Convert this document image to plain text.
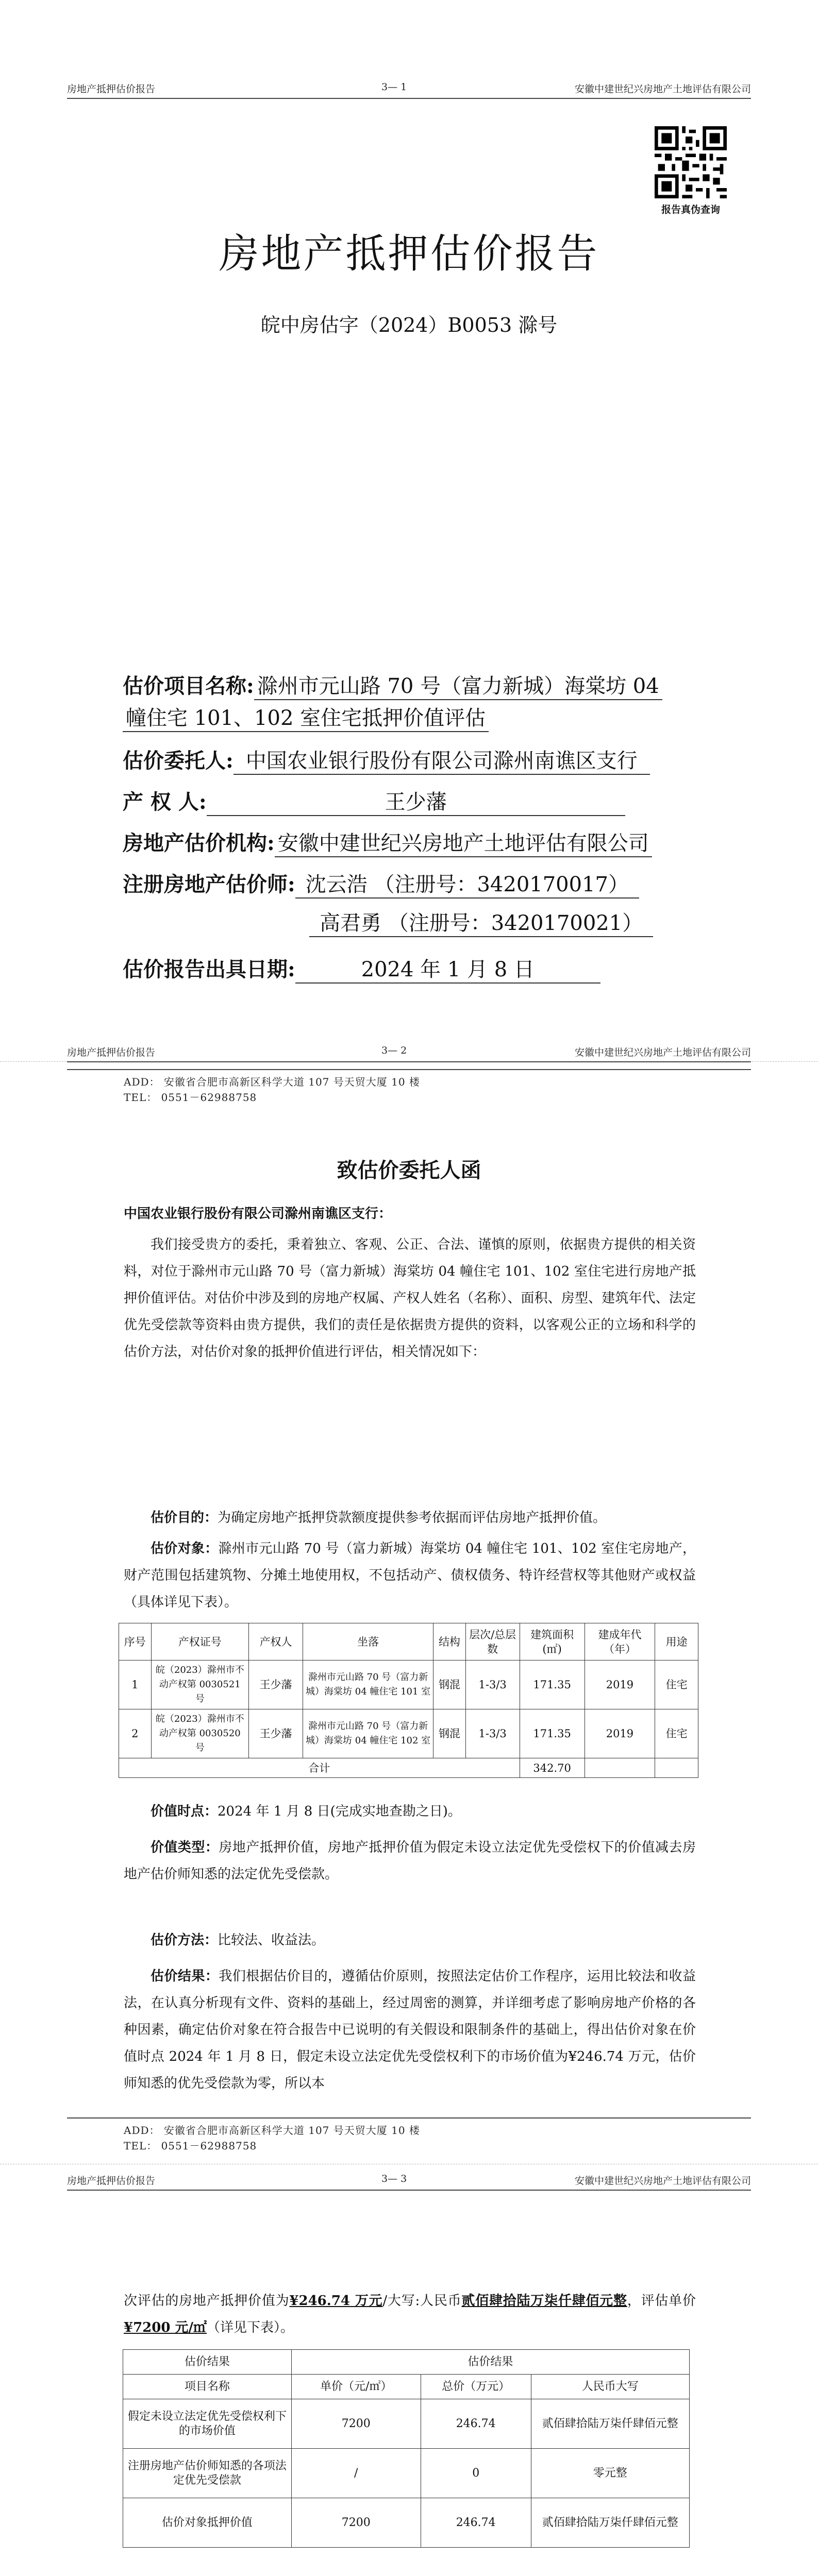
房地产抵押估价报告	3— 1	安徽中建世纪兴房地产土地评估有限公司
报告真伪查询
房地产抵押估价报告
皖中房估字（2024）B0053 滁号
估价项目名称: 滁州市元山路 70 号（富力新城）海棠坊 04
幢住宅 101、102 室住宅抵押价值评估
估价委托人: 中国农业银行股份有限公司滁州南谯区支行
产 权 人:	王少藩
房地产估价机构: 安徽中建世纪兴房地产土地评估有限公司
注册房地产估价师: 沈云浩 （注册号：3420170017）
高君勇 （注册号：3420170021）
估价报告出具日期:	2024 年 1 月 8 日
ADD： 安徽省合肥市高新区科学大道 107 号天贸大厦 10 楼
TEL： 0551－62988758
房地产抵押估价报告	3— 2	安徽中建世纪兴房地产土地评估有限公司
致估价委托人函
中国农业银行股份有限公司滁州南谯区支行：
我们接受贵方的委托，秉着独立、客观、公正、合法、谨慎的原则，依据贵方提供的相关资料，对位于滁州市元山路 70 号（富力新城）海棠坊 04 幢住宅 101、102 室住宅进行房地产抵押价值评估。对估价中涉及到的房地产权属、产权人姓名（名称）、面积、房型、建筑年代、法定优先受偿款等资料由贵方提供，我们的责任是依据贵方提供的资料，以客观公正的立场和科学的估价方法，对估价对象的抵押价值进行评估，相关情况如下：
估价目的：为确定房地产抵押贷款额度提供参考依据而评估房地产抵押价值。
估价对象：滁州市元山路 70 号（富力新城）海棠坊 04 幢住宅 101、102 室住宅房地产，财产范围包括建筑物、分摊土地使用权，不包括动产、债权债务、特许经营权等其他财产或权益（具体详见下表）。
序号	产权证号	产权人	坐落	结构	层次/总层数	建筑面积(㎡)	建成年代（年）	用途
1	皖（2023）滁州市不动产权第 0030521 号	王少藩	滁州市元山路 70 号（富力新城）海棠坊 04 幢住宅 101 室	钢混	1-3/3	171.35	2019	住宅
2	皖（2023）滁州市不动产权第 0030520 号	王少藩	滁州市元山路 70 号（富力新城）海棠坊 04 幢住宅 102 室	钢混	1-3/3	171.35	2019	住宅
合计						342.70		
价值时点：2024 年 1 月 8 日(完成实地查勘之日)。
价值类型：房地产抵押价值，房地产抵押价值为假定未设立法定优先受偿权下的价值减去房地产估价师知悉的法定优先受偿款。
估价方法：比较法、收益法。
估价结果：我们根据估价目的，遵循估价原则，按照法定估价工作程序，运用比较法和收益法，在认真分析现有文件、资料的基础上，经过周密的测算，并详细考虑了影响房地产价格的各种因素，确定估价对象在符合报告中已说明的有关假设和限制条件的基础上，得出估价对象在价值时点 2024 年 1 月 8 日，假定未设立法定优先受偿权利下的市场价值为¥246.74 万元，估价师知悉的优先受偿款为零，所以本
ADD： 安徽省合肥市高新区科学大道 107 号天贸大厦 10 楼
TEL： 0551－62988758
房地产抵押估价报告	3— 3	安徽中建世纪兴房地产土地评估有限公司
次评估的房地产抵押价值为¥246.74 万元/大写:人民币贰佰肆拾陆万柒仟肆佰元整，评估单价¥7200 元/㎡（详见下表）。
估价结果	估价结果		
项目名称	单价（元/㎡）	总价（万元）	人民币大写
假定未设立法定优先受偿权利下的市场价值	7200	246.74	贰佰肆拾陆万柒仟肆佰元整
注册房地产估价师知悉的各项法定优先受偿款	/	0	零元整
估价对象抵押价值	7200	246.74	贰佰肆拾陆万柒仟肆佰元整
